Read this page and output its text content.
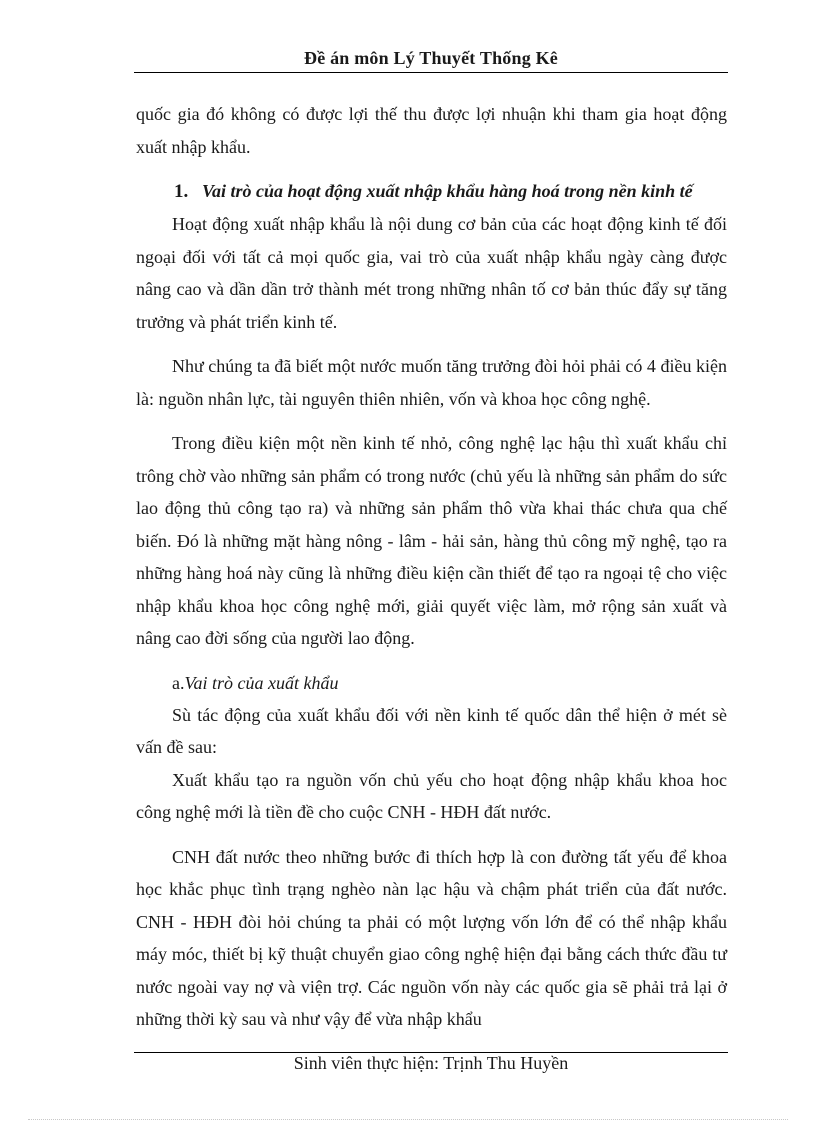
Đề án môn Lý Thuyết Thống Kê

quốc gia đó không có được lợi thế thu được lợi nhuận khi tham gia hoạt động xuất nhập khẩu.

1. Vai trò của hoạt động xuất nhập khẩu hàng hoá trong nền kinh tế

Hoạt động xuất nhập khẩu là nội dung cơ bản của các hoạt động kinh tế đối ngoại đối với tất cả mọi quốc gia, vai trò của xuất nhập khẩu ngày càng được nâng cao và dần dần trở thành mét trong những nhân tố cơ bản thúc đẩy sự tăng trưởng và phát triển kinh tế.

Như chúng ta đã biết một nước muốn tăng trưởng đòi hỏi phải có 4 điều kiện là: nguồn nhân lực, tài nguyên thiên nhiên, vốn và khoa học công nghệ.

Trong điều kiện một nền kinh tế nhỏ, công nghệ lạc hậu thì xuất khẩu chỉ trông chờ vào những sản phẩm có trong nước (chủ yếu là những sản phẩm do sức lao động thủ công tạo ra) và những sản phẩm thô vừa khai thác chưa qua chế biến. Đó là những mặt hàng nông - lâm - hải sản, hàng thủ công mỹ nghệ, tạo ra những hàng hoá này cũng là những điều kiện cần thiết để tạo ra ngoại tệ cho việc nhập khẩu khoa học công nghệ mới, giải quyết việc làm, mở rộng sản xuất và nâng cao đời sống của người lao động.

a.Vai trò của xuất khẩu

Sù tác động của xuất khẩu đối với nền kinh tế quốc dân thể hiện ở mét sè vấn đề sau:

Xuất khẩu tạo ra nguồn vốn chủ yếu cho hoạt động nhập khẩu khoa hoc công nghệ mới là tiền đề cho cuộc CNH - HĐH đất nước.

CNH đất nước theo những bước đi thích hợp là con đường tất yếu để khoa học khắc phục tình trạng nghèo nàn lạc hậu và chậm phát triển của đất nước. CNH - HĐH đòi hỏi chúng ta phải có một lượng vốn lớn để có thể nhập khẩu máy móc, thiết bị kỹ thuật chuyển giao công nghệ hiện đại bằng cách thức đầu tư nước ngoài vay nợ và viện trợ. Các nguồn vốn này các quốc gia sẽ phải trả lại ở những thời kỳ sau và như vậy để vừa nhập khẩu

Sinh viên thực hiện: Trịnh Thu Huyền
